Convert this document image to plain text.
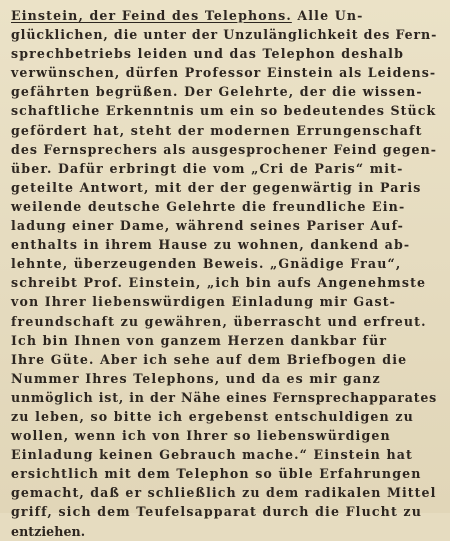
Einstein, der Feind des Telephons. Alle Un-
glücklichen, die unter der Unzulänglichkeit des Fern-
sprechbetriebs leiden und das Telephon deshalb
verwünschen, dürfen Professor Einstein als Leidens-
gefährten begrüßen. Der Gelehrte, der die wissen-
schaftliche Erkenntnis um ein so bedeutendes Stück
gefördert hat, steht der modernen Errungenschaft
des Fernsprechers als ausgesprochener Feind gegen-
über. Dafür erbringt die vom „Cri de Paris“ mit-
geteilte Antwort, mit der der gegenwärtig in Paris
weilende deutsche Gelehrte die freundliche Ein-
ladung einer Dame, während seines Pariser Auf-
enthalts in ihrem Hause zu wohnen, dankend ab-
lehnte, überzeugenden Beweis. „Gnädige Frau“,
schreibt Prof. Einstein, „ich bin aufs Angenehmste
von Ihrer liebenswürdigen Einladung mir Gast-
freundschaft zu gewähren, überrascht und erfreut.
Ich bin Ihnen von ganzem Herzen dankbar für
Ihre Güte. Aber ich sehe auf dem Briefbogen die
Nummer Ihres Telephons, und da es mir ganz
unmöglich ist, in der Nähe eines Fernsprechapparates
zu leben, so bitte ich ergebenst entschuldigen zu
wollen, wenn ich von Ihrer so liebenswürdigen
Einladung keinen Gebrauch mache.“ Einstein hat
ersichtlich mit dem Telephon so üble Erfahrungen
gemacht, daß er schließlich zu dem radikalen Mittel
griff, sich dem Teufelsapparat durch die Flucht zu
entziehen.
